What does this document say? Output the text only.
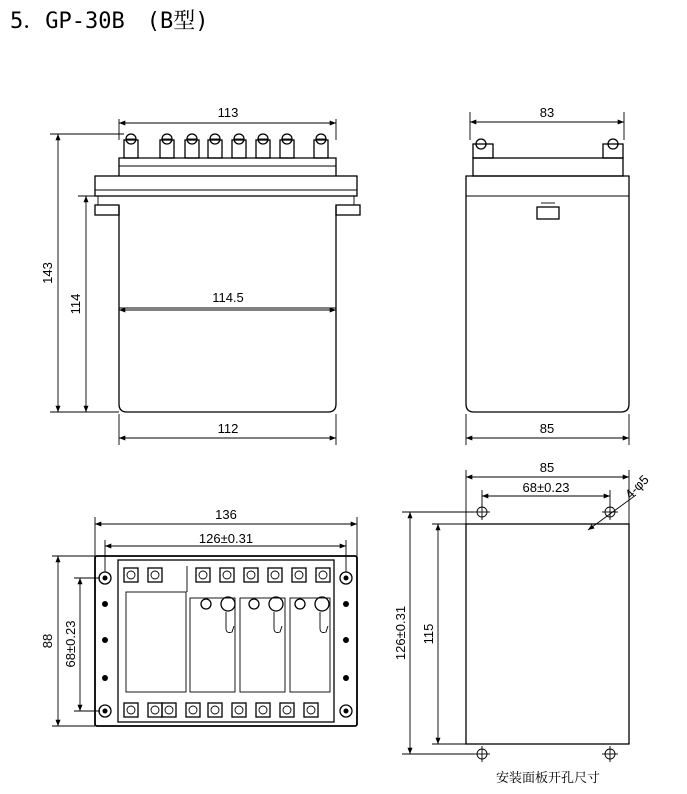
5．GP-30B　(B型)
113
114.5
112
143
114
83
85
136
126±0.31
88 68±0.23
85
68±0.23	4-φ5
126±0.31 115
安装面板开孔尺寸
